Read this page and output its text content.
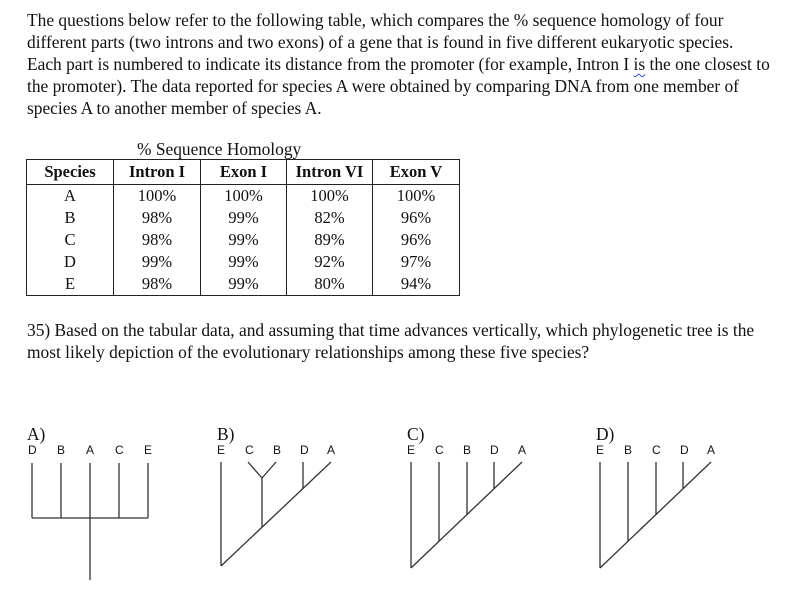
The questions below refer to the following table, which compares the % sequence homology of four different parts (two introns and two exons) of a gene that is found in five different eukaryotic species. Each part is numbered to indicate its distance from the promoter (for example, Intron I is the one closest to the promoter). The data reported for species A were obtained by comparing DNA from one member of species A to another member of species A.

% Sequence Homology
Species	Intron I	Exon I	Intron VI	Exon V
A	100%	100%	100%	100%
B	98%	99%	82%	96%
C	98%	99%	89%	96%
D	99%	99%	92%	97%
E	98%	99%	80%	94%

35) Based on the tabular data, and assuming that time advances vertically, which phylogenetic tree is the most likely depiction of the evolutionary relationships among these five species?

A)
D B A C E
B)
E C B D A
C)
E C B D A
D)
E B C D A
